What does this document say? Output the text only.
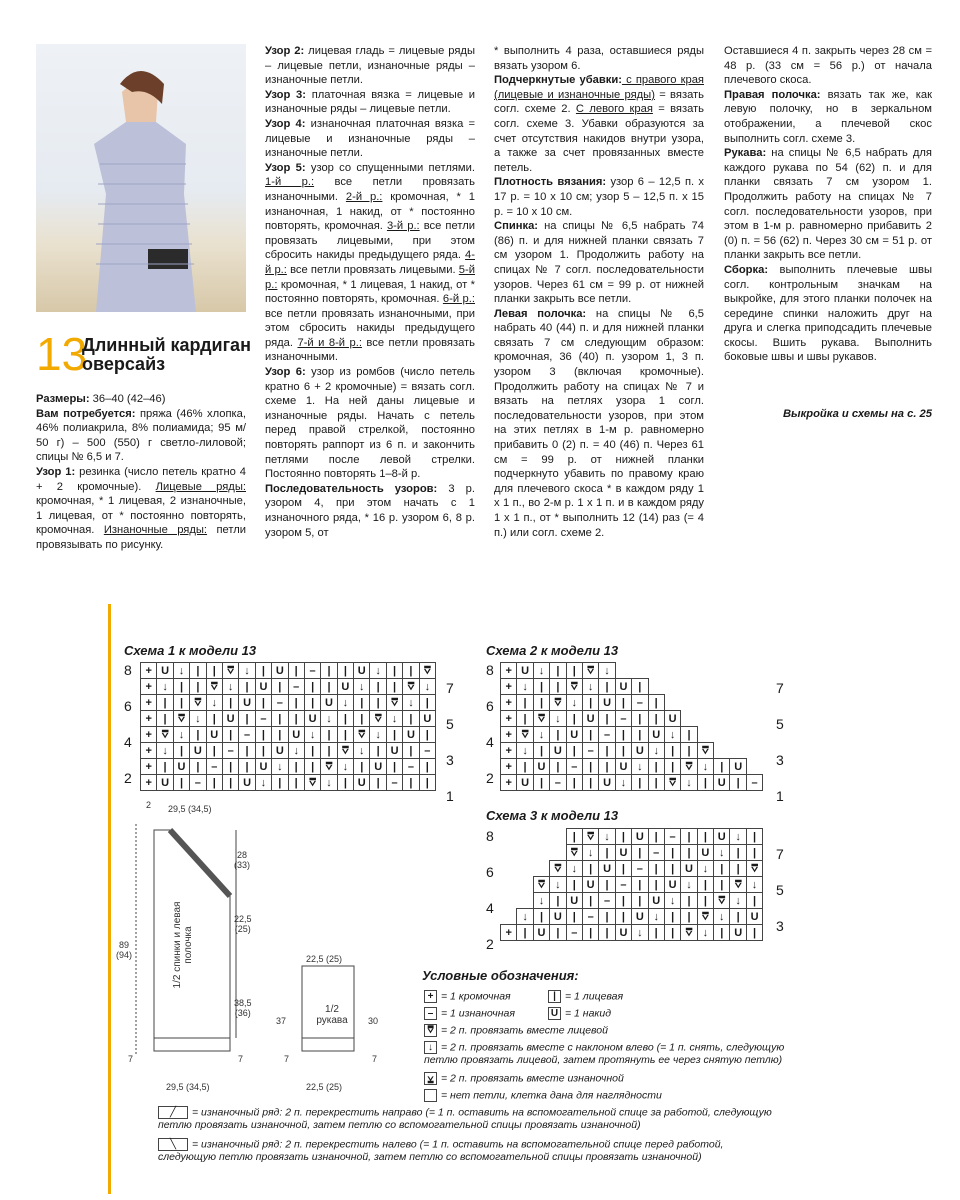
13
Длинный кардиган оверсайз

Размеры: 36–40 (42–46)

Вам потребуется: пряжа (46% хлопка, 46% полиакрила, 8% полиамида; 95 м/ 50 г) – 500 (550) г светло-лиловой; спицы № 6,5 и 7.

Узор 1: резинка (число петель кратно 4 + 2 кромочные). Лицевые ряды: кромочная, * 1 лицевая, 2 изнаночные, 1 лицевая, от * постоянно повторять, кромочная. Изнаночные ряды: петли провязывать по рисунку.

Узор 2: лицевая гладь = лицевые ряды – лицевые петли, изнаночные ряды – изнаночные петли.

Узор 3: платочная вязка = лицевые и изнаночные ряды – лицевые петли.

Узор 4: изнаночная платочная вязка = лицевые и изнаночные ряды – изнаночные петли.

Узор 5: узор со спущенными петлями. 1-й р.: все петли провязать изнаночными. 2-й р.: кромочная, * 1 изнаночная, 1 накид, от * постоянно повторять, кромочная. 3-й р.: все петли провязать лицевыми, при этом сбросить накиды предыдущего ряда. 4-й р.: все петли провязать лицевыми. 5-й р.: кромочная, * 1 лицевая, 1 накид, от * постоянно повторять, кромочная. 6-й р.: все петли провязать изнаночными, при этом сбросить накиды предыдущего ряда. 7-й и 8-й р.: все петли провязать изнаночными.

Узор 6: узор из ромбов (число петель кратно 6 + 2 кромочные) = вязать согл. схеме 1. На ней даны лицевые и изнаночные ряды. Начать с петель перед правой стрелкой, постоянно повторять раппорт из 6 п. и закончить петлями после левой стрелки. Постоянно повторять 1–8-й р.

Последовательность узоров: 3 р. узором 4, при этом начать с 1 изнаночного ряда, * 16 р. узором 6, 8 р. узором 5, от

* выполнить 4 раза, оставшиеся ряды вязать узором 6.

Подчеркнутые убавки: с правого края (лицевые и изнаночные ряды) = вязать согл. схеме 2. С левого края = вязать согл. схеме 3. Убавки образуются за счет отсутствия накидов внутри узора, а также за счет провязанных вместе петель.

Плотность вязания: узор 6 – 12,5 п. х 17 р. = 10 х 10 см; узор 5 – 12,5 п. х 15 р. = 10 х 10 см.

Спинка: на спицы № 6,5 набрать 74 (86) п. и для нижней планки связать 7 см узором 1. Продолжить работу на спицах № 7 согл. последовательности узоров. Через 61 см = 99 р. от нижней планки закрыть все петли.

Левая полочка: на спицы № 6,5 набрать 40 (44) п. и для нижней планки связать 7 см следующим образом: кромочная, 36 (40) п. узором 1, 3 п. узором 3 (включая кромочные). Продолжить работу на спицах № 7 и вязать на петлях узора 1 согл. последовательности узоров, при этом на этих петлях в 1-м р. равномерно прибавить 0 (2) п. = 40 (46) п. Через 61 см = 99 р. от нижней планки подчеркнуто убавить по правому краю для плечевого скоса * в каждом ряду 1 х 1 п., во 2-м р. 1 х 1 п. и в каждом ряду 1 х 1 п., от * выполнить 12 (14) раз (= 4 п.) или согл. схеме 2.

Оставшиеся 4 п. закрыть через 28 см = 48 р. (33 см = 56 р.) от начала плечевого скоса.

Правая полочка: вязать так же, как левую полочку, но в зеркальном отображении, а плечевой скос выполнить согл. схеме 3.

Рукава: на спицы № 6,5 набрать для каждого рукава по 54 (62) п. и для планки связать 7 см узором 1. Продолжить работу на спицах № 7 согл. последовательности узоров, при этом в 1-м р. равномерно прибавить 2 (0) п. = 56 (62) п. Через 30 см = 51 р. от планки закрыть все петли.

Сборка: выполнить плечевые швы согл. контрольным значкам на выкройке, для этого планки полочек на середине спинки наложить друг на друга и слегка приподсадить плечевые скосы. Вшить рукава. Выполнить боковые швы и швы рукавов.

Выкройка и схемы на с. 25
Схема 1 к модели 13	Схема 2 к модели 13
Схема 3 к модели 13
+	U	↓	|	|	⩢	↓	|	U	|	–	|	|	U	↓	|	|	⩢
+	↓	|	|	⩢	↓	|	U	|	–	|	|	U	↓	|	|	⩢	↓
+	|	|	⩢	↓	|	U	|	–	|	|	U	↓	|	|	⩢	↓	|
+	|	⩢	↓	|	U	|	–	|	|	U	↓	|	|	⩢	↓	|	U
+	⩢	↓	|	U	|	–	|	|	U	↓	|	|	⩢	↓	|	U	|
+	↓	|	U	|	–	|	|	U	↓	|	|	⩢	↓	|	U	|	–
+	|	U	|	–	|	|	U	↓	|	|	⩢	↓	|	U	|	–	|
+	U	|	–	|	|	U	↓	|	|	⩢	↓	|	U	|	–	|	|
8
7
6
5
4
3
2
1
+	U	↓	|	|	⩢	↓									
+	↓	|	|	⩢	↓	|	U	|							
+	|	|	⩢	↓	|	U	|	–	|						
+	|	⩢	↓	|	U	|	–	|	|	U					
+	⩢	↓	|	U	|	–	|	|	U	↓	|				
+	↓	|	U	|	–	|	|	U	↓	|	|	⩢			
+	|	U	|	–	|	|	U	↓	|	|	⩢	↓	|	U	
+	U	|	–	|	|	U	↓	|	|	⩢	↓	|	U	|	–
8
7
6
5
4
3
2
1
				|	⩢	↓	|	U	|	–	|	|	U	↓	|
				⩢	↓	|	U	|	–	|	|	U	↓	|	|
			⩢	↓	|	U	|	–	|	|	U	↓	|	|	⩢
		⩢	↓	|	U	|	–	|	|	U	↓	|	|	⩢	↓
		↓	|	U	|	–	|	|	U	↓	|	|	⩢	↓	|
	↓	|	U	|	–	|	|	U	↓	|	|	⩢	↓	|	U
+	|	U	|	–	|	|	U	↓	|	|	⩢	↓	|	U	|
8
7
6
5
4
3
2
2 29,5 (34,5)
28
(33)
22,5
(25)
89
(94)
38,5
(36)
7	7
29,5 (34,5)
1/2 спинки и левая полочка	22,5 (25)
37	30
1/2 рукава
7	7
22,5 (25)
Условные обозначения:
+ = 1 кромочная	| = 1 лицевая
– = 1 изнаночная	U = 1 накид
⩢ = 2 п. провязать вместе лицевой
↓ = 2 п. провязать вместе с наклоном влево (= 1 п. снять, следующую петлю провязать лицевой, затем протянуть ее через снятую петлю)
⩣ = 2 п. провязать вместе изнаночной
= нет петли, клетка дана для наглядности
╱ = изнаночный ряд: 2 п. перекрестить направо (= 1 п. оставить на вспомогательной спице за работой, следующую петлю провязать изнаночной, затем петлю со вспомогательной спицы провязать изнаночной)
╲ = изнаночный ряд: 2 п. перекрестить налево (= 1 п. оставить на вспомогательной спице перед работой, следующую петлю провязать изнаночной, затем петлю со вспомогательной спицы провязать изнаночной)
